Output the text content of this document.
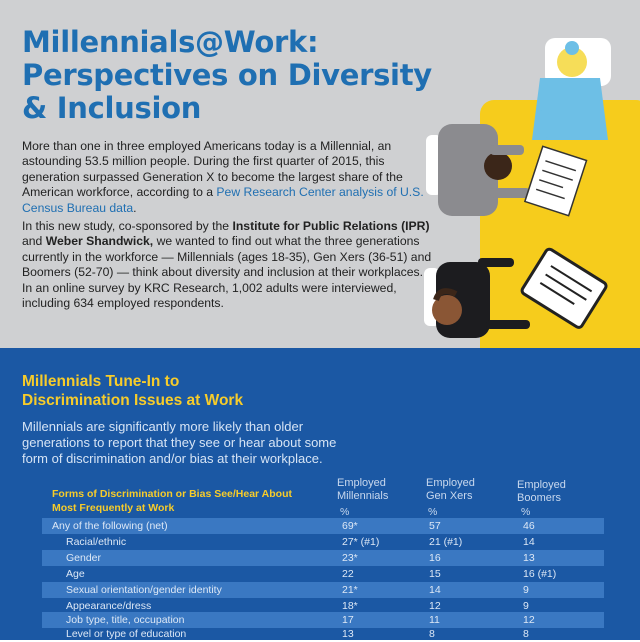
Millennials@Work:
Perspectives on Diversity
& Inclusion

More than one in three employed Americans today is a Millennial, an astounding 53.5 million people. During the first quarter of 2015, this generation surpassed Generation X to become the largest share of the American workforce, according to a Pew Research Center analysis of U.S. Census Bureau data.

In this new study, co-sponsored by the Institute for Public Relations (IPR) and Weber Shandwick, we wanted to find out what the three generations currently in the workforce — Millennials (ages 18-35), Gen Xers (36-51) and Boomers (52-70) — think about diversity and inclusion at their workplaces. In an online survey by KRC Research, 1,002 adults were interviewed, including 634 employed respondents.

Millennials Tune-In to
Discrimination Issues at Work

Millennials are significantly more likely than older generations to report that they see or hear about some form of discrimination and/or bias at their workplace.

Forms of Discrimination or Bias See/Hear About
Most Frequently at Work
Employed
Millennials
Employed
Gen Xers
Employed
Boomers
%	%	%
Any of the following (net)	69*	57	46
Racial/ethnic	27* (#1)	21 (#1)	14
Gender	23*	16	13
Age	22	15	16 (#1)
Sexual orientation/gender identity	21*	14	9
Appearance/dress	18*	12	9
Job type, title, occupation	17	11	12
Level or type of education	13	8	8
